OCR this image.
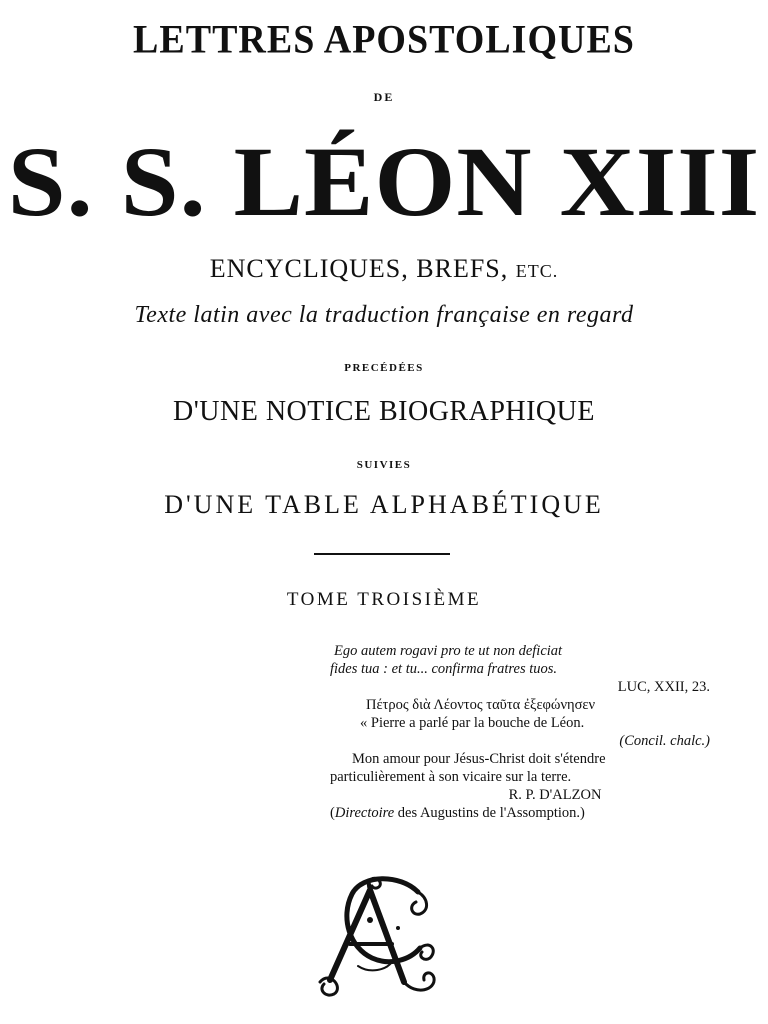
LETTRES APOSTOLIQUES
DE
S. S. LÉON XIII
ENCYCLIQUES, BREFS, ETC.
Texte latin avec la traduction française en regard
PRECÉDÉES
D'UNE NOTICE BIOGRAPHIQUE
SUIVIES
D'UNE TABLE ALPHABÉTIQUE
TOME TROISIÈME
Ego autem rogavi pro te ut non deficiat
fides tua : et tu... confirma fratres tuos.
LUC, XXII, 23.
Πέτρος διὰ Λέοντος ταῦτα ἐξεφώνησεν
« Pierre a parlé par la bouche de Léon.
(Concil. chalc.)
Mon amour pour Jésus-Christ doit s'étendre
particulièrement à son vicaire sur la terre.
R. P. D'ALZON
(Directoire des Augustins de l'Assomption.)
